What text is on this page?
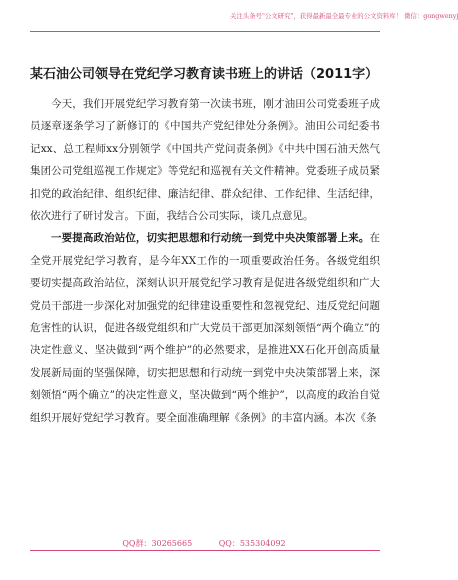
关注头条号"公文研究"，获得最新最全最专业的公文资料库！ 微信：gongwenyj
某石油公司领导在党纪学习教育读书班上的讲话（2011字）

今天，我们开展党纪学习教育第一次读书班，刚才油田公司党委班子成员逐章逐条学习了新修订的《中国共产党纪律处分条例》。油田公司纪委书记xx、总工程师xx分别领学《中国共产党问责条例》《中共中国石油天然气集团公司党组巡视工作规定》等党纪和巡视有关文件精神。党委班子成员紧扣党的政治纪律、组织纪律、廉洁纪律、群众纪律、工作纪律、生活纪律，依次进行了研讨发言。下面，我结合公司实际，谈几点意见。

一要提高政治站位，切实把思想和行动统一到党中央决策部署上来。在全党开展党纪学习教育，是今年XX工作的一项重要政治任务。各级党组织要切实提高政治站位，深刻认识开展党纪学习教育是促进各级党组织和广大党员干部进一步深化对加强党的纪律建设重要性和忽视党纪、违反党纪问题危害性的认识，促进各级党组织和广大党员干部更加深刻领悟“两个确立”的决定性意义、坚决做到“两个维护”的必然要求，是推进XX石化开创高质量发展新局面的坚强保障，切实把思想和行动统一到党中央决策部署上来，深刻领悟“两个确立”的决定性意义，坚决做到“两个维护”，以高度的政治自觉组织开展好党纪学习教育。要全面准确理解《条例》的丰富内涵。本次《条

QQ群：30265665	QQ：535304092
